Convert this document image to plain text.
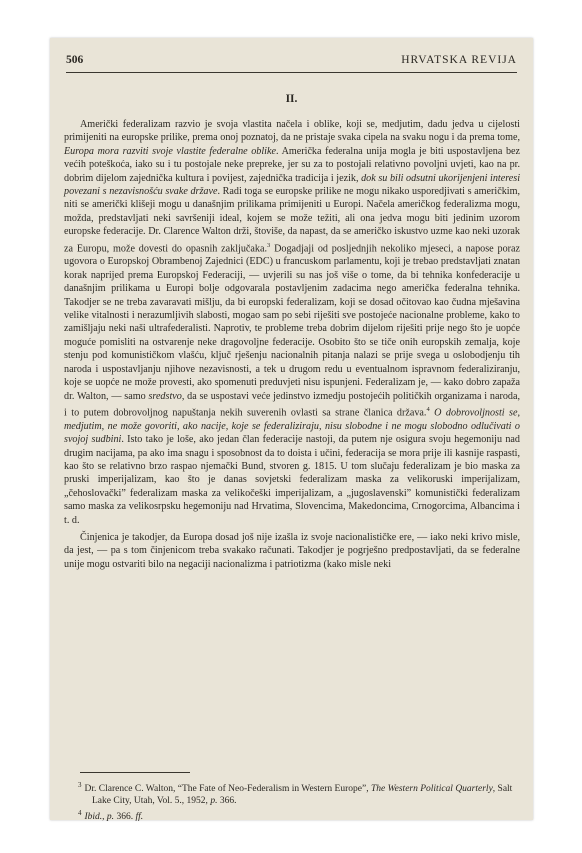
506	HRVATSKA REVIJA
II.

Američki federalizam razvio je svoja vlastita načela i oblike, koji se, medjutim, dadu jedva u cijelosti primijeniti na europske prilike, prema onoj poznatoj, da ne pristaje svaka cipela na svaku nogu i da prema tome, Europa mora razviti svoje vlastite federalne oblike. Američka federalna unija mogla je biti uspostavljena bez većih poteškoća, iako su i tu postojale neke prepreke, jer su za to postojali relativno povoljni uvjeti, kao na pr. dobrim dijelom zajednička kultura i povijest, zajednička tradicija i jezik, dok su bili odsutni ukorijenjeni interesi povezani s nezavisnošću svake države. Radi toga se europske prilike ne mogu nikako usporedjivati s američkim, niti se američki klišeji mogu u današnjim prilikama primijeniti u Europi. Načela američkog federalizma mogu, možda, predstavljati neki savršeniji ideal, kojem se može težiti, ali ona jedva mogu biti jedinim uzorom europske federacije. Dr. Clarence Walton drži, štoviše, da napast, da se američko iskustvo uzme kao neki uzorak za Europu, može dovesti do opasnih zaključaka.$^3$ Dogadjaji od posljednjih nekoliko mjeseci, a napose poraz ugovora o Europskoj Obrambenoj Zajednici (EDC) u francuskom parlamentu, koji je trebao predstavljati znatan korak naprijed prema Europskoj Federaciji, — uvjerili su nas još više o tome, da bi tehnika konfederacije u današnjim prilikama u Europi bolje odgovarala postavljenim zadacima nego američka federalna tehnika. Takodjer se ne treba zavaravati mišlju, da bi europski federalizam, koji se dosad očitovao kao čudna mješavina velike vitalnosti i nerazumljivih slabosti, mogao sam po sebi riješiti sve postojeće nacionalne probleme, kako to zamišljaju neki naši ultrafederalisti. Naprotiv, te probleme treba dobrim dijelom riješiti prije nego što je uopće moguće pomisliti na ostvarenje neke dragovoljne federacije. Osobito što se tiče onih europskih zemalja, koje stenju pod komunističkom vlašću, ključ rješenju nacionalnih pitanja nalazi se prije svega u oslobodjenju tih naroda i uspostavljanju njihove nezavisnosti, a tek u drugom redu u eventualnom ispravnom federaliziranju, koje se uopće ne može provesti, ako spomenuti preduvjeti nisu ispunjeni. Federalizam je, — kako dobro zapaža dr. Walton, — samo sredstvo, da se uspostavi veće jedinstvo izmedju postojećih političkih organizama i naroda, i to putem dobrovoljnog napuštanja nekih suverenih ovlasti sa strane članica država.$^4$ O dobrovoljnosti se, medjutim, ne može govoriti, ako nacije, koje se federaliziraju, nisu slobodne i ne mogu slobodno odlučivati o svojoj sudbini. Isto tako je loše, ako jedan član federacije nastoji, da putem nje osigura svoju hegemoniju nad drugim nacijama, pa ako ima snagu i sposobnost da to doista i učini, federacija se mora prije ili kasnije raspasti, kao što se relativno brzo raspao njemački Bund, stvoren g. 1815. U tom slučaju federalizam je bio maska za pruski imperijalizam, kao što je danas sovjetski federalizam maska za velikoruski imperijalizam, „čehoslovački” federalizam maska za velikočeški imperijalizam, a „jugoslavenski” komunistički federalizam samo maska za velikosrpsku hegemoniju nad Hrvatima, Slovencima, Makedoncima, Crnogorcima, Albancima i t. d.

Činjenica je takodjer, da Europa dosad još nije izašla iz svoje nacionalističke ere, — iako neki krivo misle, da jest, — pa s tom činjenicom treba svakako računati. Takodjer je pogrješno predpostavljati, da se federalne unije mogu ostvariti bilo na negaciji nacionalizma i patriotizma (kako misle neki

$^3$ Dr. Clarence C. Walton, “The Fate of Neo-Federalism in Western Europe”, The Western Political Quarterly, Salt Lake City, Utah, Vol. 5., 1952, p. 366.

$^4$ Ibid., p. 366. ff.
